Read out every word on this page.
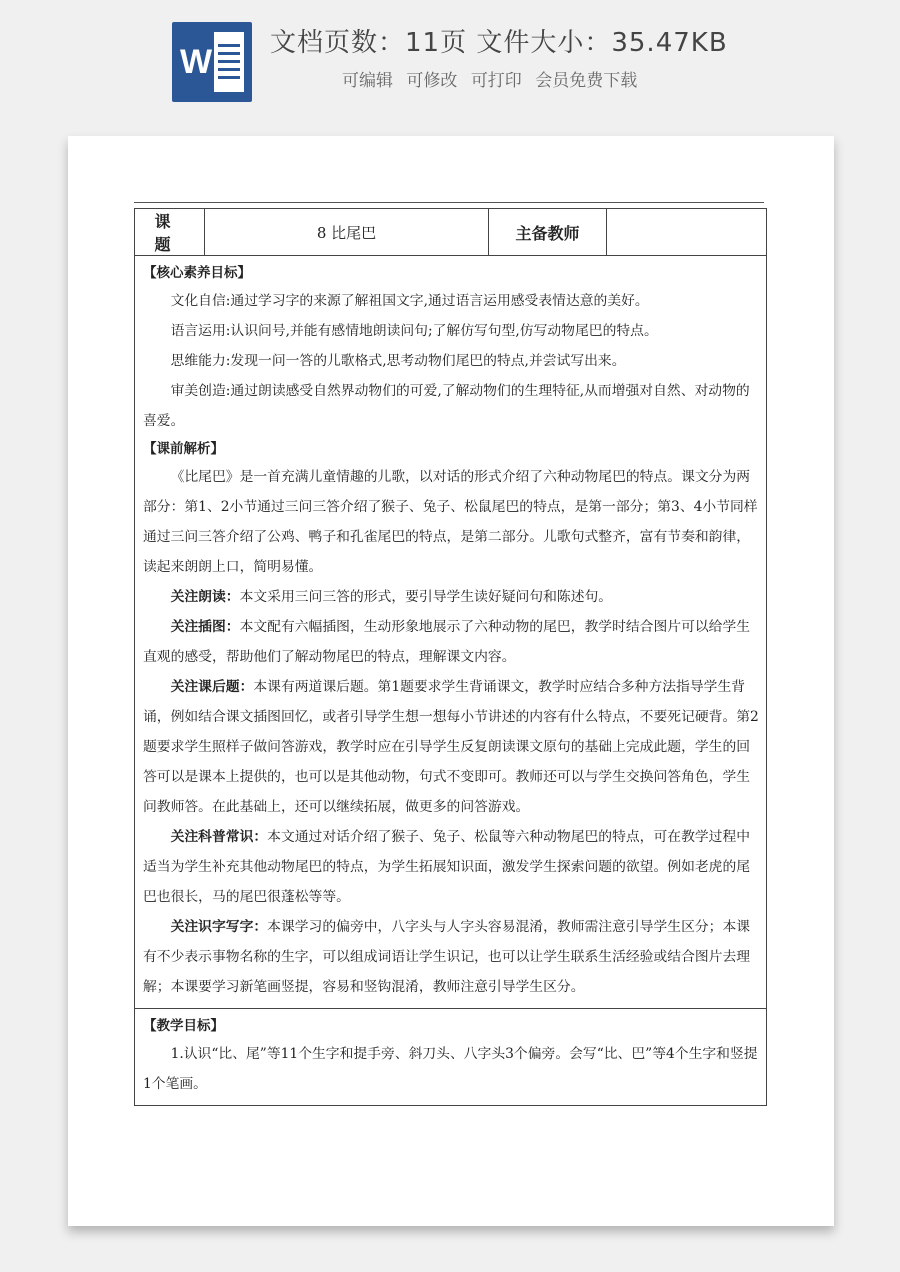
W 文档页数：11页 文件大小：35.47KB
可编辑 可修改 可打印 会员免费下载
课 题	8 比尾巴	主备教师	

【核心素养目标】

文化自信:通过学习字的来源了解祖国文字,通过语言运用感受表情达意的美好。

语言运用:认识问号,并能有感情地朗读问句;了解仿写句型,仿写动物尾巴的特点。

思维能力:发现一问一答的儿歌格式,思考动物们尾巴的特点,并尝试写出来。

审美创造:通过朗读感受自然界动物们的可爱,了解动物们的生理特征,从而增强对自然、对动物的喜爱。

【课前解析】

《比尾巴》是一首充满儿童情趣的儿歌，以对话的形式介绍了六种动物尾巴的特点。课文分为两部分：第1、2小节通过三问三答介绍了猴子、兔子、松鼠尾巴的特点，是第一部分；第3、4小节同样通过三问三答介绍了公鸡、鸭子和孔雀尾巴的特点，是第二部分。儿歌句式整齐，富有节奏和韵律，读起来朗朗上口，简明易懂。

关注朗读：本文采用三问三答的形式，要引导学生读好疑问句和陈述句。

关注插图：本文配有六幅插图，生动形象地展示了六种动物的尾巴，教学时结合图片可以给学生直观的感受，帮助他们了解动物尾巴的特点，理解课文内容。

关注课后题：本课有两道课后题。第1题要求学生背诵课文，教学时应结合多种方法指导学生背诵，例如结合课文插图回忆，或者引导学生想一想每小节讲述的内容有什么特点，不要死记硬背。第2题要求学生照样子做问答游戏，教学时应在引导学生反复朗读课文原句的基础上完成此题，学生的回答可以是课本上提供的，也可以是其他动物，句式不变即可。教师还可以与学生交换问答角色，学生问教师答。在此基础上，还可以继续拓展，做更多的问答游戏。

关注科普常识：本文通过对话介绍了猴子、兔子、松鼠等六种动物尾巴的特点，可在教学过程中适当为学生补充其他动物尾巴的特点，为学生拓展知识面，激发学生探索问题的欲望。例如老虎的尾巴也很长，马的尾巴很蓬松等等。

关注识字写字：本课学习的偏旁中，八字头与人字头容易混淆，教师需注意引导学生区分；本课有不少表示事物名称的生字，可以组成词语让学生识记，也可以让学生联系生活经验或结合图片去理解；本课要学习新笔画竖提，容易和竖钩混淆，教师注意引导学生区分。

【教学目标】

1.认识“比、尾”等11个生字和提手旁、斜刀头、八字头3个偏旁。会写“比、巴”等4个生字和竖提1个笔画。
